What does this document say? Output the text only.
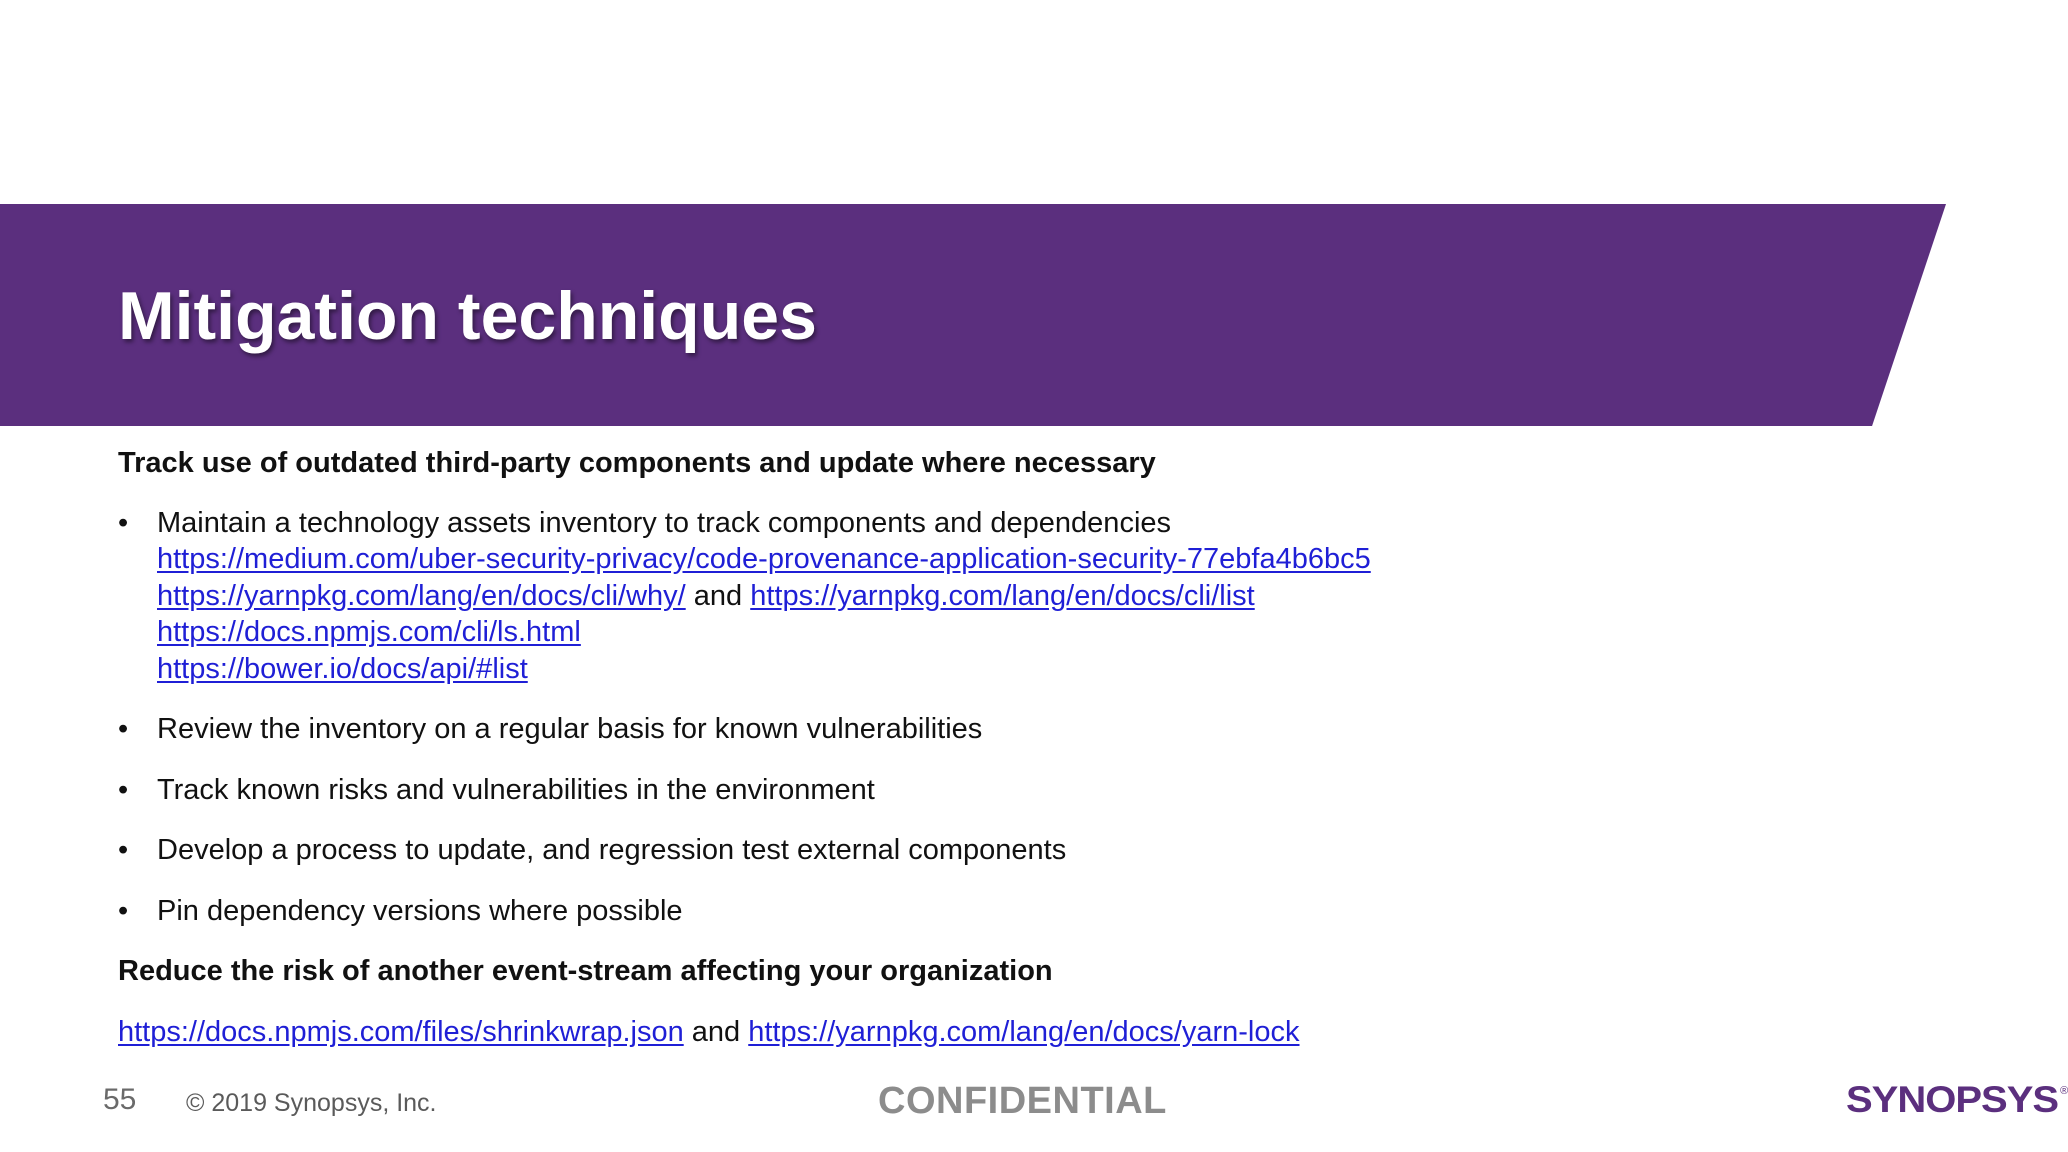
Mitigation techniques

Track use of outdated third-party components and update where necessary

• Maintain a technology assets inventory to track components and dependencies
https://medium.com/uber-security-privacy/code-provenance-application-security-77ebfa4b6bc5
https://yarnpkg.com/lang/en/docs/cli/why/ and https://yarnpkg.com/lang/en/docs/cli/list
https://docs.npmjs.com/cli/ls.html
https://bower.io/docs/api/#list
• Review the inventory on a regular basis for known vulnerabilities
• Track known risks and vulnerabilities in the environment
• Develop a process to update, and regression test external components
• Pin dependency versions where possible

Reduce the risk of another event-stream affecting your organization

https://docs.npmjs.com/files/shrinkwrap.json and https://yarnpkg.com/lang/en/docs/yarn-lock
55 © 2019 Synopsys, Inc.	CONFIDENTIAL	SYNOPSYS ®
